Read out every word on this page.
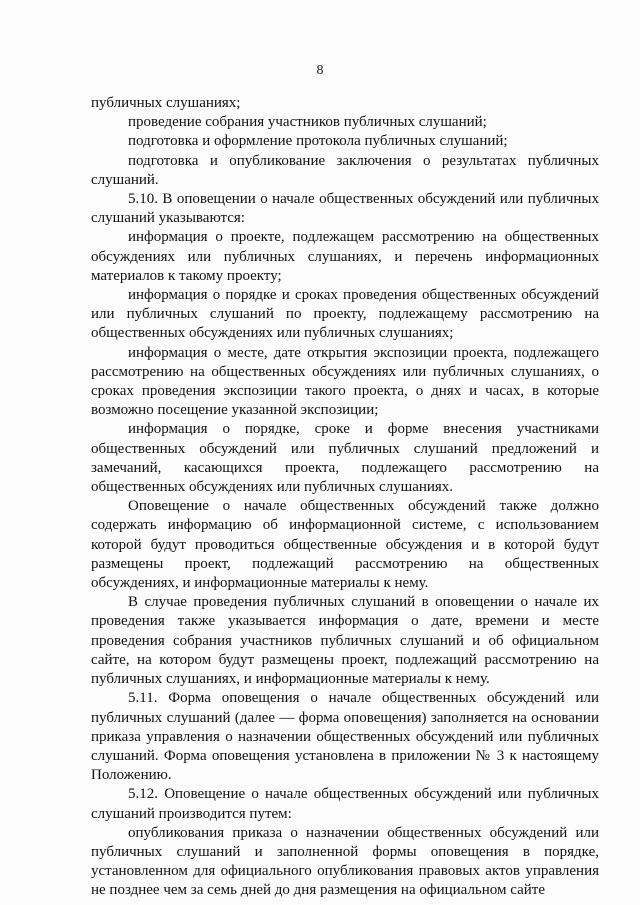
8

публичных слушаниях;

проведение собрания участников публичных слушаний;

подготовка и оформление протокола публичных слушаний;

подготовка и опубликование заключения о результатах публичных слушаний.

5.10. В оповещении о начале общественных обсуждений или публичных слушаний указываются:

информация о проекте, подлежащем рассмотрению на общественных обсуждениях или публичных слушаниях, и перечень информационных материалов к такому проекту;

информация о порядке и сроках проведения общественных обсуждений или публичных слушаний по проекту, подлежащему рассмотрению на общественных обсуждениях или публичных слушаниях;

информация о месте, дате открытия экспозиции проекта, подлежащего рассмотрению на общественных обсуждениях или публичных слушаниях, о сроках проведения экспозиции такого проекта, о днях и часах, в которые возможно посещение указанной экспозиции;

информация о порядке, сроке и форме внесения участниками общественных обсуждений или публичных слушаний предложений и замечаний, касающихся проекта, подлежащего рассмотрению на общественных обсуждениях или публичных слушаниях.

Оповещение о начале общественных обсуждений также должно содержать информацию об информационной системе, с использованием которой будут проводиться общественные обсуждения и в которой будут размещены проект, подлежащий рассмотрению на общественных обсуждениях, и информационные материалы к нему.

В случае проведения публичных слушаний в оповещении о начале их проведения также указывается информация о дате, времени и месте проведения собрания участников публичных слушаний и об официальном сайте, на котором будут размещены проект, подлежащий рассмотрению на публичных слушаниях, и информационные материалы к нему.

5.11. Форма оповещения о начале общественных обсуждений или публичных слушаний (далее — форма оповещения) заполняется на основании приказа управления о назначении общественных обсуждений или публичных слушаний. Форма оповещения установлена в приложении № 3 к настоящему Положению.

5.12. Оповещение о начале общественных обсуждений или публичных слушаний производится путем:

опубликования приказа о назначении общественных обсуждений или публичных слушаний и заполненной формы оповещения в порядке, установленном для официального опубликования правовых актов управления не позднее чем за семь дней до дня размещения на официальном сайте
